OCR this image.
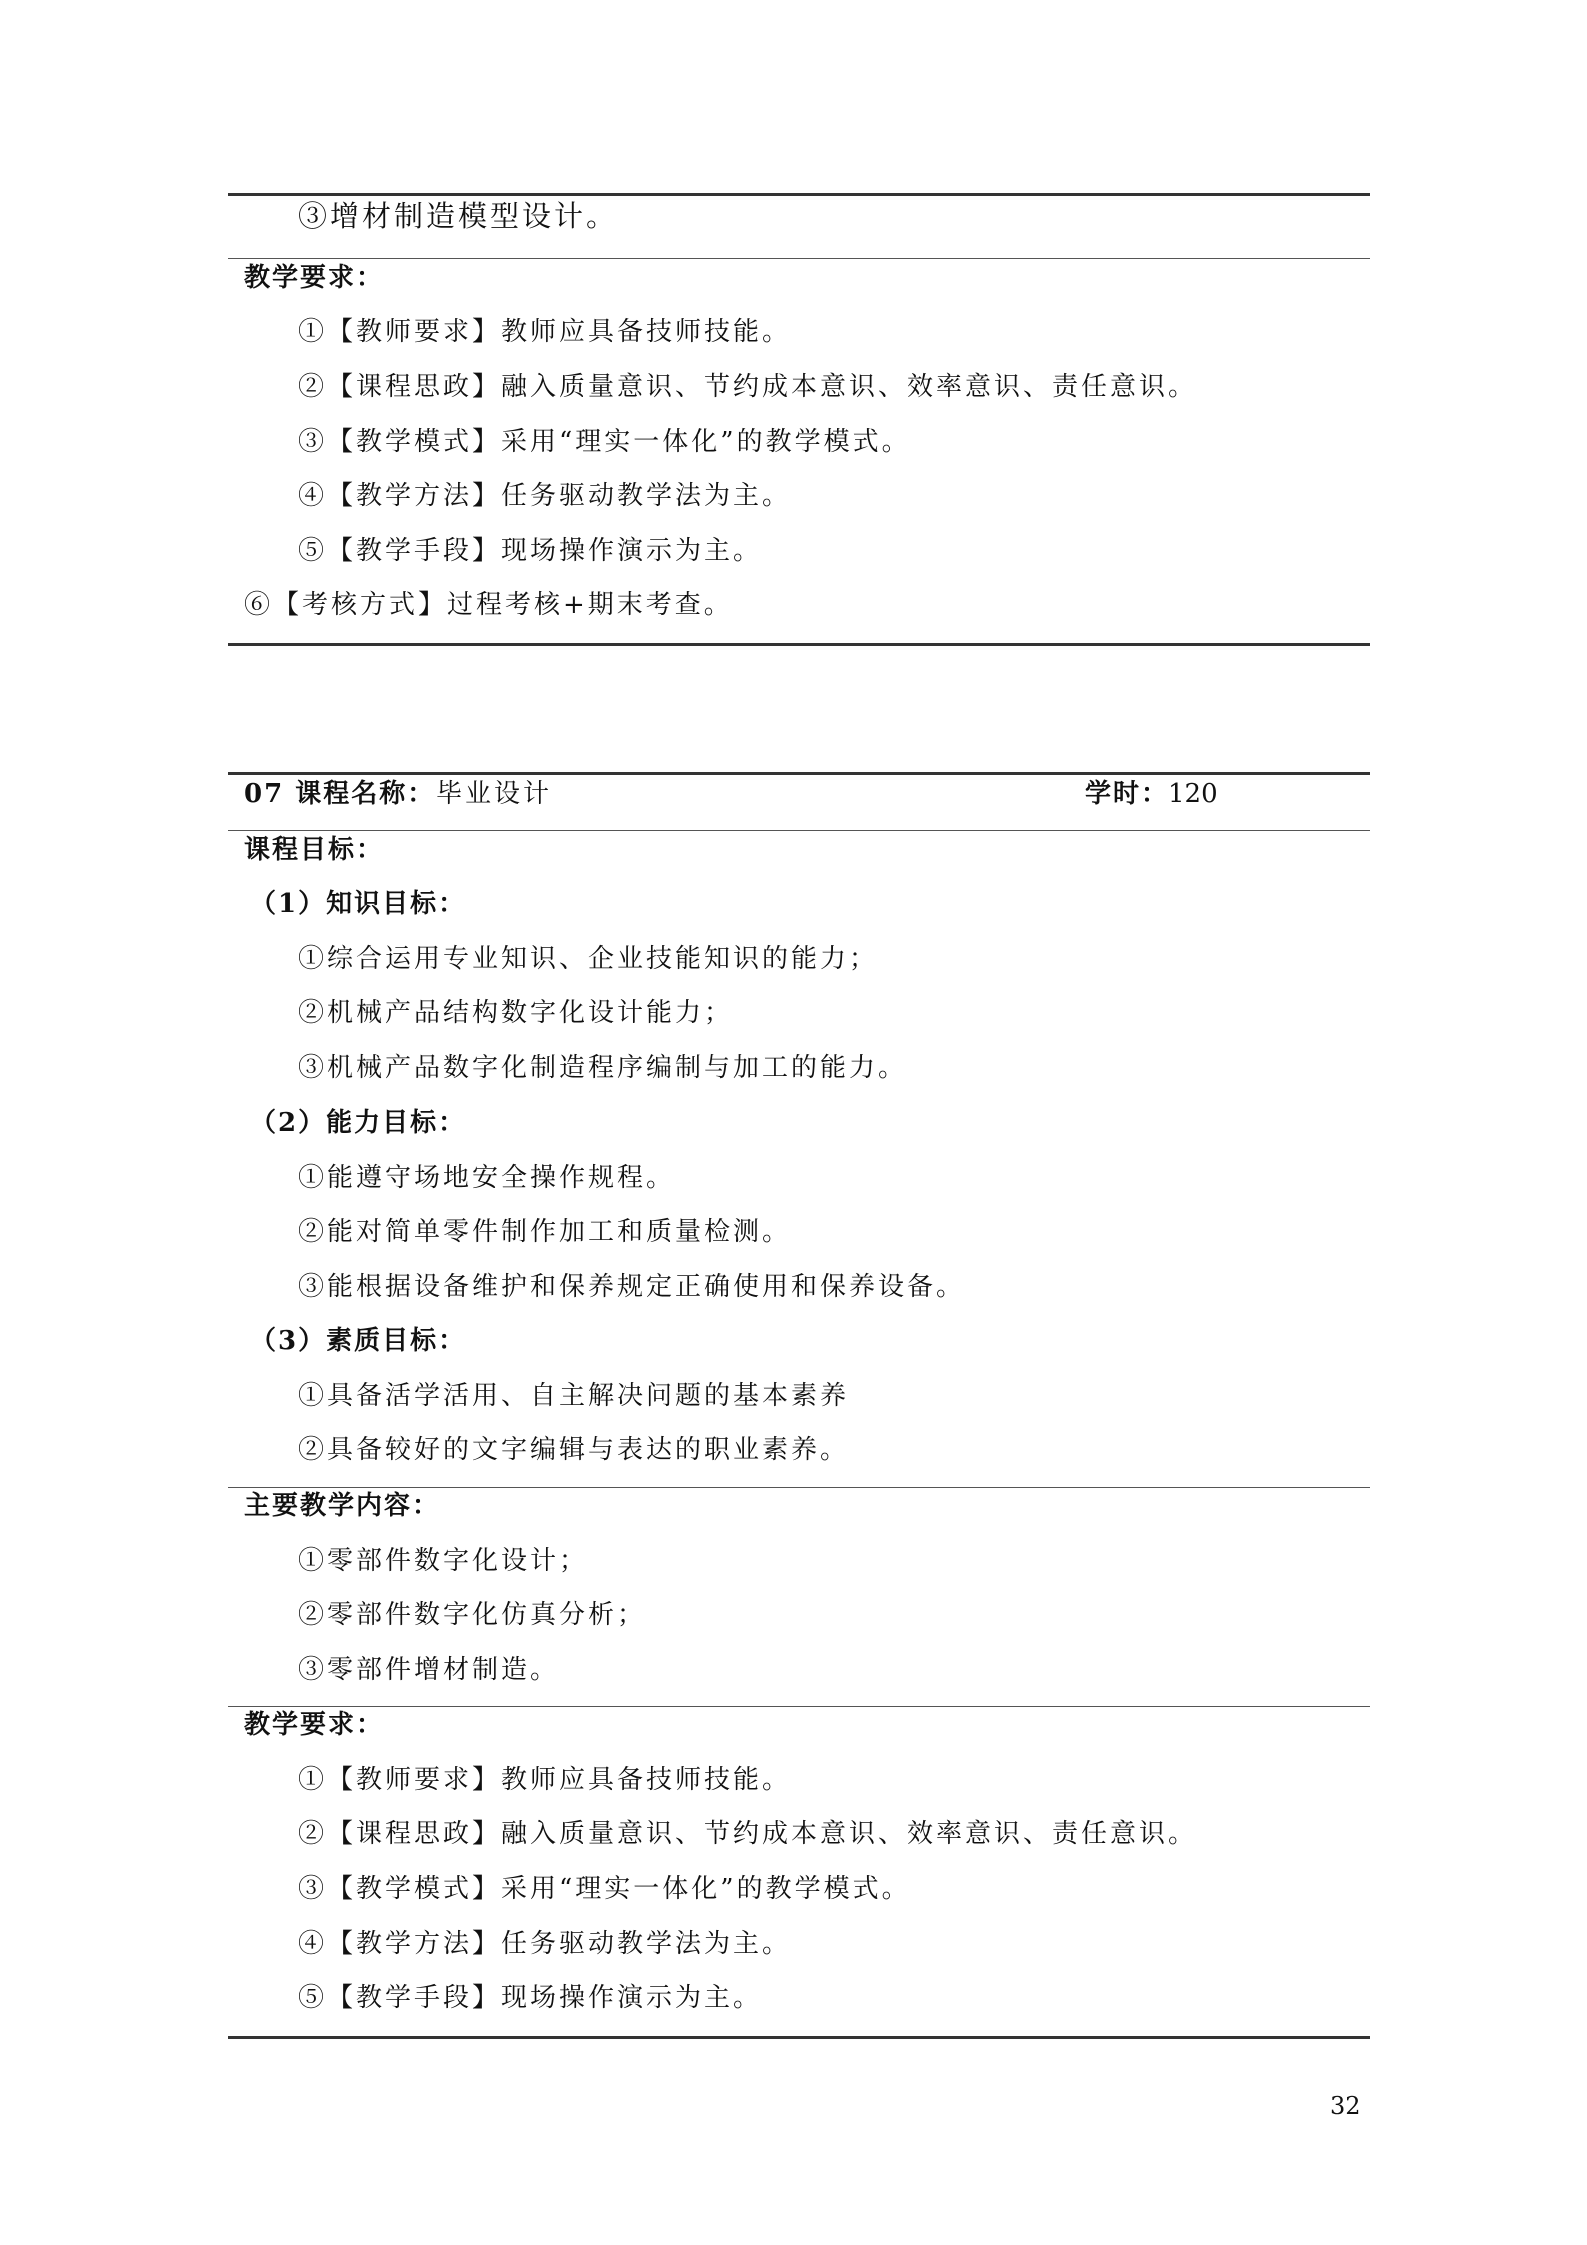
③增材制造模型设计。
教学要求：
①【教师要求】教师应具备技师技能。
②【课程思政】融入质量意识、节约成本意识、效率意识、责任意识。
③【教学模式】采用“理实一体化”的教学模式。
④【教学方法】任务驱动教学法为主。
⑤【教学手段】现场操作演示为主。
⑥【考核方式】过程考核+期末考查。
07 课程名称： 毕业设计	学时：
120
课程目标：
（1）知识目标：
①综合运用专业知识、企业技能知识的能力；
②机械产品结构数字化设计能力；
③机械产品数字化制造程序编制与加工的能力。
（2）能力目标：
①能遵守场地安全操作规程。
②能对简单零件制作加工和质量检测。
③能根据设备维护和保养规定正确使用和保养设备。
（3）素质目标：
①具备活学活用、自主解决问题的基本素养
②具备较好的文字编辑与表达的职业素养。
主要教学内容：
①零部件数字化设计；
②零部件数字化仿真分析；
③零部件增材制造。
教学要求：
①【教师要求】教师应具备技师技能。
②【课程思政】融入质量意识、节约成本意识、效率意识、责任意识。
③【教学模式】采用“理实一体化”的教学模式。
④【教学方法】任务驱动教学法为主。
⑤【教学手段】现场操作演示为主。
32
